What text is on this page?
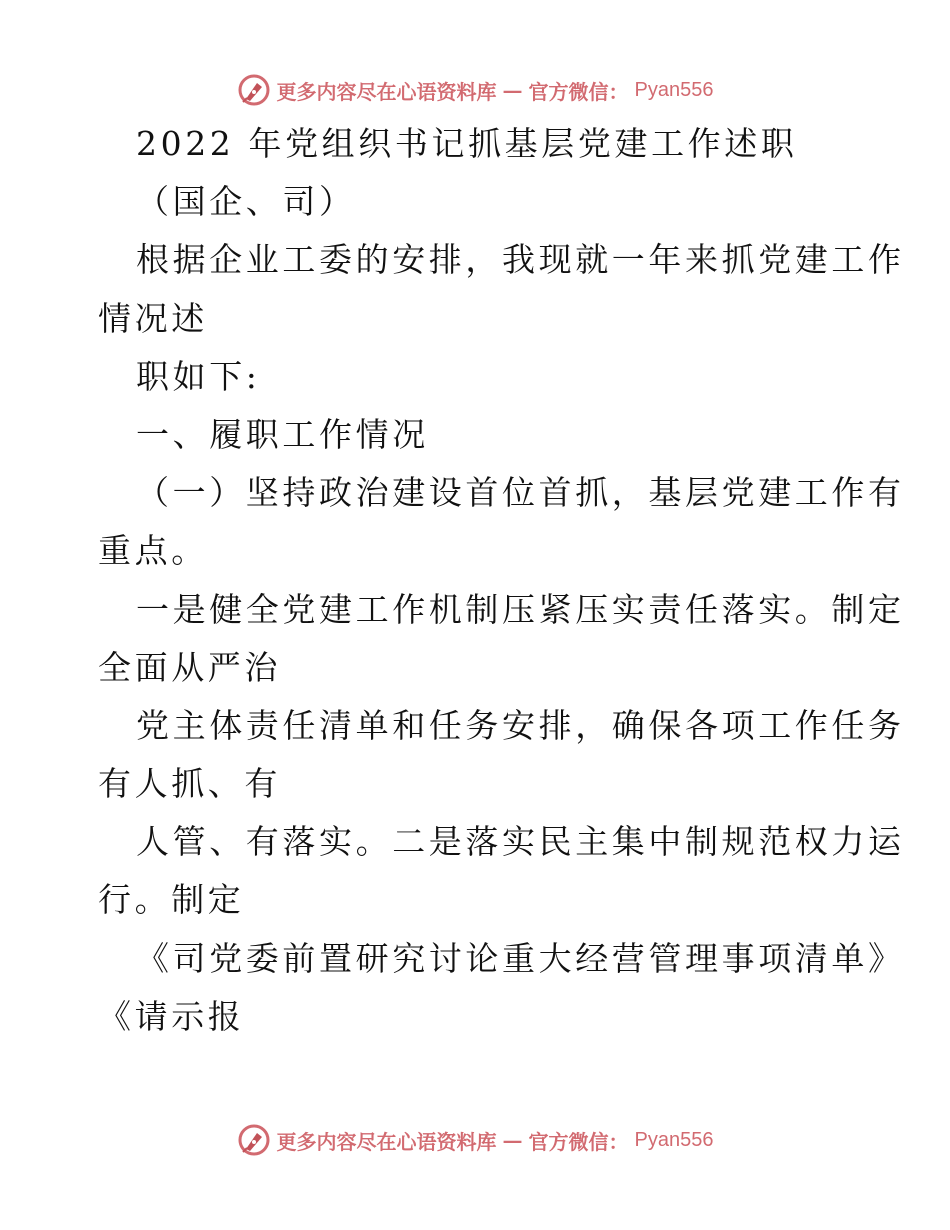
更多内容尽在心语资料库 — 官方微信： Pyan556
2022 年党组织书记抓基层党建工作述职
（国企、司）
根据企业工委的安排，我现就一年来抓党建工作
情况述
职如下:
一、履职工作情况
（一）坚持政治建设首位首抓，基层党建工作有
重点。
一是健全党建工作机制压紧压实责任落实。制定
全面从严治
党主体责任清单和任务安排，确保各项工作任务
有人抓、有
人管、有落实。二是落实民主集中制规范权力运
行。制定
《司党委前置研究讨论重大经营管理事项清单》
《请示报
更多内容尽在心语资料库 — 官方微信： Pyan556
